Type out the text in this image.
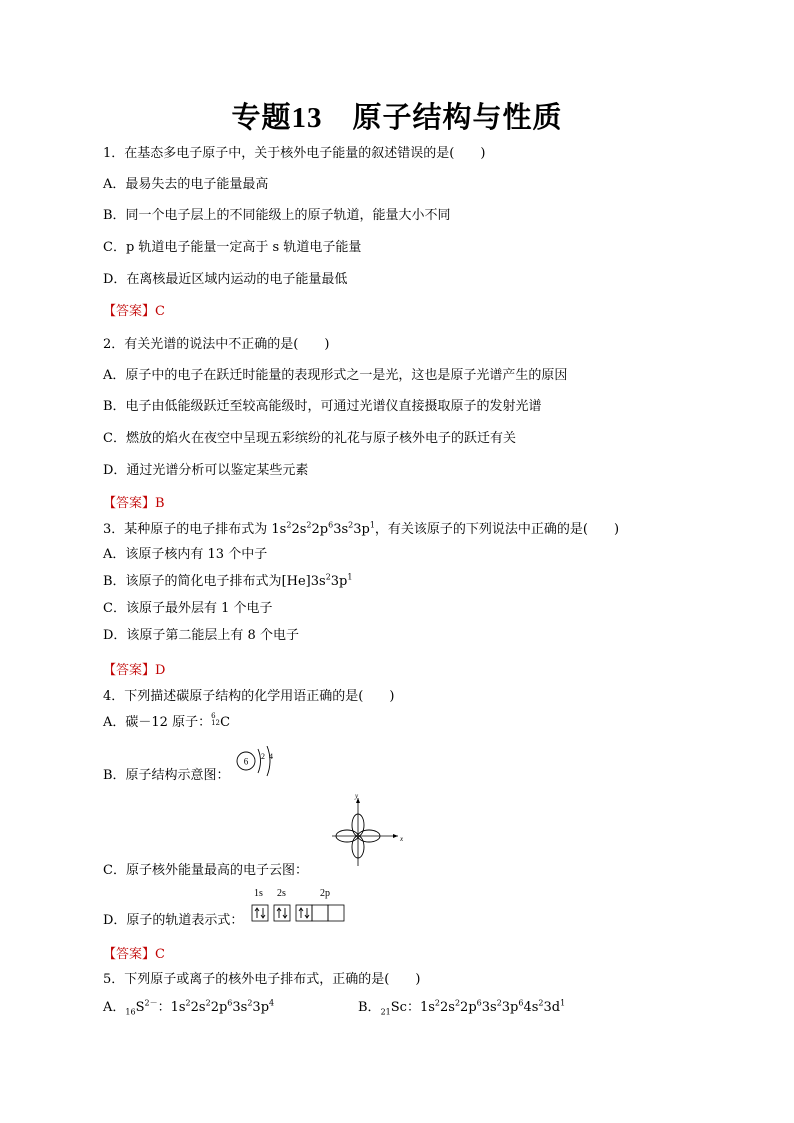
专题13 原子结构与性质
1．在基态多电子原子中，关于核外电子能量的叙述错误的是(　　)
A．最易失去的电子能量最高
B．同一个电子层上的不同能级上的原子轨道，能量大小不同
C．p 轨道电子能量一定高于 s 轨道电子能量
D．在离核最近区域内运动的电子能量最低
【答案】C
2．有关光谱的说法中不正确的是(　　)
A．原子中的电子在跃迁时能量的表现形式之一是光，这也是原子光谱产生的原因
B．电子由低能级跃迁至较高能级时，可通过光谱仪直接摄取原子的发射光谱
C．燃放的焰火在夜空中呈现五彩缤纷的礼花与原子核外电子的跃迁有关
D．通过光谱分析可以鉴定某些元素
【答案】B
3．某种原子的电子排布式为 $1s^22s^22p^63s^23p^1$，有关该原子的下列说法中正确的是(　　)
A．该原子核内有 13 个中子
B．该原子的简化电子排布式为$[He]3s^23p^1$
C．该原子最外层有 1 个电子
D．该原子第二能层上有 8 个电子
【答案】D
4．下列描述碳原子结构的化学用语正确的是(　　)
A．碳－12 原子： 6
12 C
B．原子结构示意图：
6 2 4
x
y
C．原子核外能量最高的电子云图：
1s 2s	2p
D．原子的轨道表示式：
【答案】C
5．下列原子或离子的核外电子排布式，正确的是(　　)
A．$_{16}S^{2-}$：$1s^22s^22p^63s^23p^4$	B．$_{21}$Sc：$1s^22s^22p^63s^23p^64s^23d^1$
